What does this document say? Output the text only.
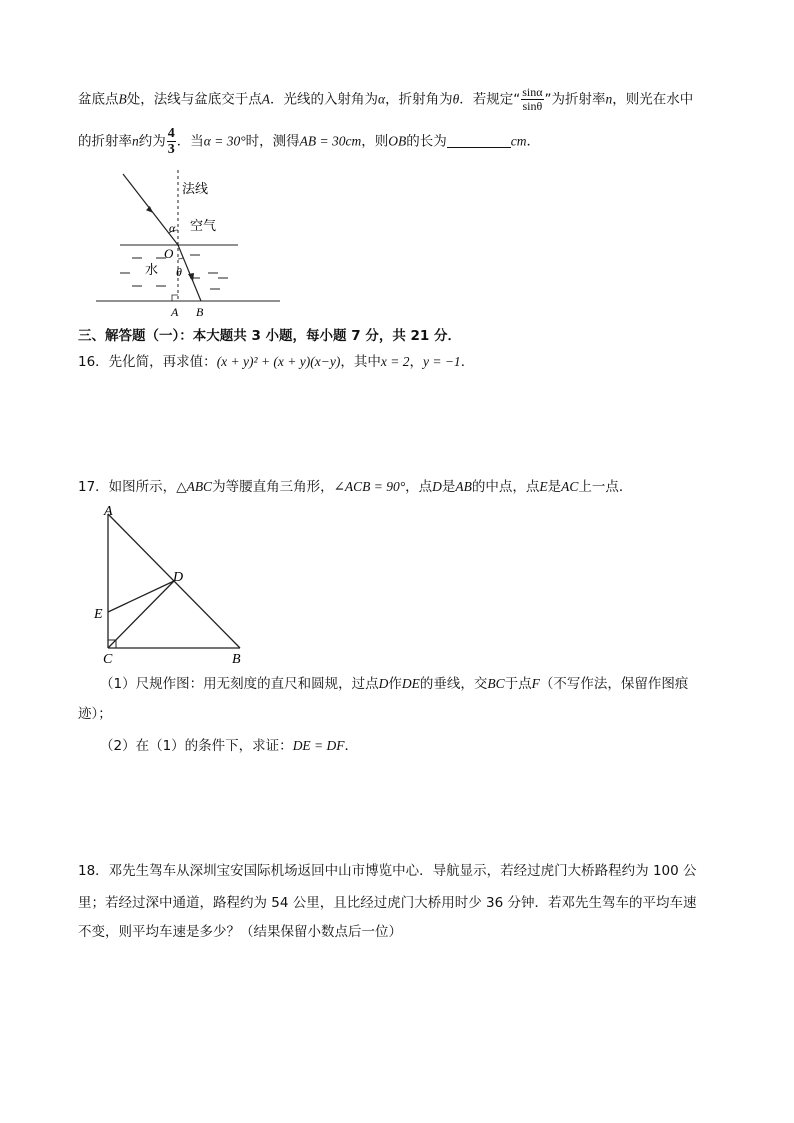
盆底点B处，法线与盆底交于点A．光线的入射角为α，折射角为θ．若规定“ $\frac{\sin\alpha}{\sin\theta}$ ”为折射率n，则光在水中
的折射率n约为 $\frac{4}{3}$ ．当α = 30°时，测得AB = 30cm，则OB的长为	cm．
法线
空气
水
O
α
θ
A B
三、解答题（一）：本大题共 3 小题，每小题 7 分，共 21 分．
16．先化简，再求值：(x + y)² + (x + y)(x−y)，其中x = 2，y = −1．
17．如图所示，△ABC为等腰直角三角形，∠ACB = 90°，点D是AB的中点，点E是AC上一点．
A
D
E
C	B
（1）尺规作图：用无刻度的直尺和圆规，过点D作DE的垂线，交BC于点F（不写作法，保留作图痕
迹）；
（2）在（1）的条件下，求证：DE = DF．
18．邓先生驾车从深圳宝安国际机场返回中山市博览中心．导航显示，若经过虎门大桥路程约为 100 公
里；若经过深中通道，路程约为 54 公里，且比经过虎门大桥用时少 36 分钟．若邓先生驾车的平均车速
不变，则平均车速是多少？（结果保留小数点后一位）
